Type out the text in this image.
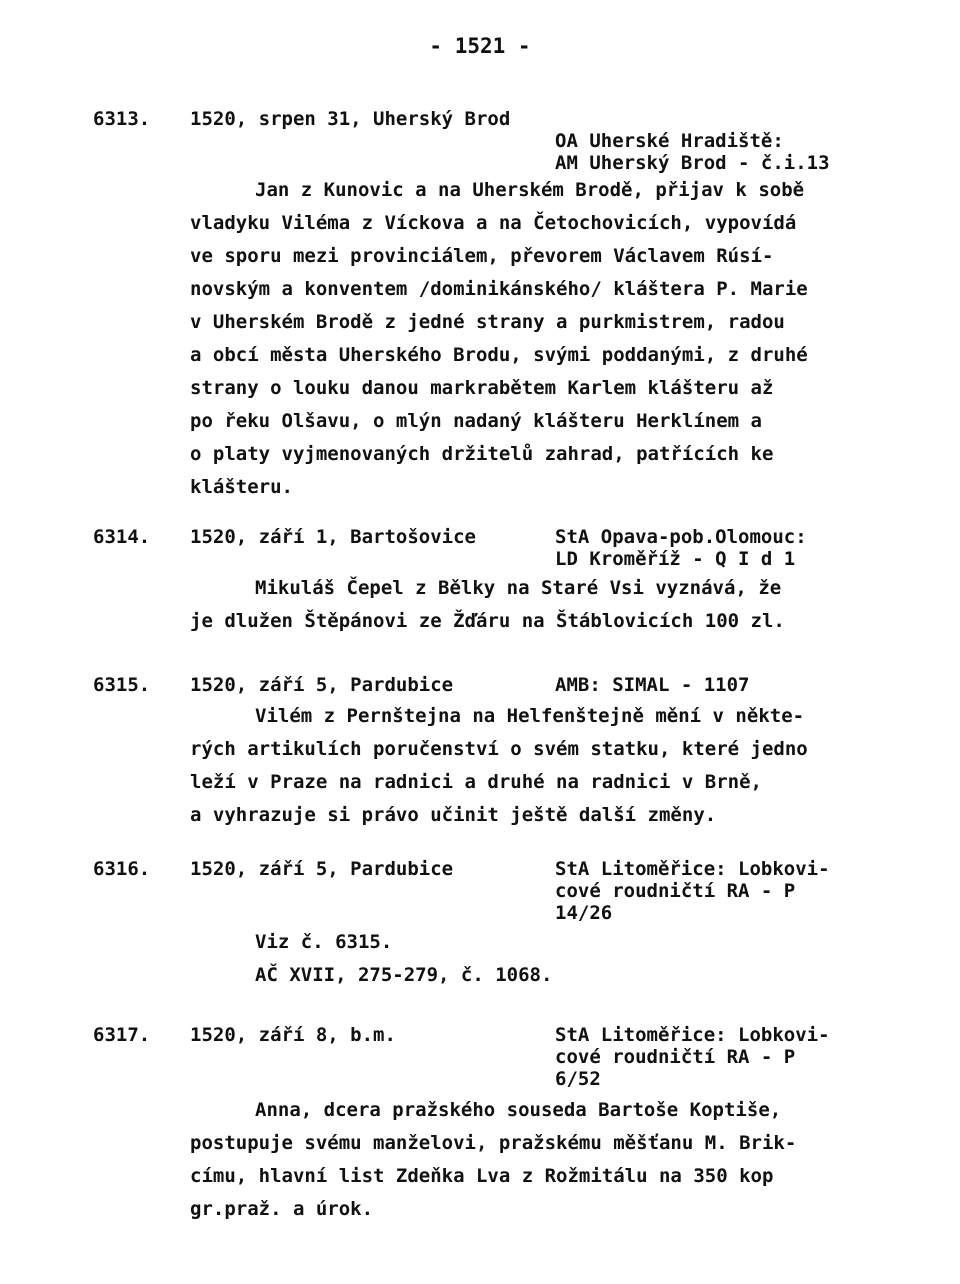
- 1521 -
6313. 1520, srpen 31, Uherský Brod
OA Uherské Hradiště:
AM Uherský Brod - č.i.13
Jan z Kunovic a na Uherském Brodě, přijav k sobě
vladyku Viléma z Víckova a na Četochovicích, vypovídá
ve sporu mezi provinciálem, převorem Václavem Rúsí-
novským a konventem /dominikánského/ kláštera P. Marie
v Uherském Brodě z jedné strany a purkmistrem, radou
a obcí města Uherského Brodu, svými poddanými, z druhé
strany o louku danou markrabětem Karlem klášteru až
po řeku Olšavu, o mlýn nadaný klášteru Herklínem a
o platy vyjmenovaných držitelů zahrad, patřících ke
klášteru.
6314. 1520, září 1, Bartošovice	StA Opava-pob.Olomouc:
LD Kroměříž - Q I d 1
Mikuláš Čepel z Bělky na Staré Vsi vyznává, že
je dlužen Štěpánovi ze Žďáru na Štáblovicích 100 zl.
6315. 1520, září 5, Pardubice	AMB: SIMAL - 1107
Vilém z Pernštejna na Helfenštejně mění v někte-
rých artikulích poručenství o svém statku, které jedno
leží v Praze na radnici a druhé na radnici v Brně,
a vyhrazuje si právo učinit ještě další změny.
6316. 1520, září 5, Pardubice	StA Litoměřice: Lobkovi-
cové roudničtí RA - P
14/26
Viz č. 6315.
AČ XVII, 275-279, č. 1068.
6317. 1520, září 8, b.m.	StA Litoměřice: Lobkovi-
cové roudničtí RA - P
6/52
Anna, dcera pražského souseda Bartoše Koptiše,
postupuje svému manželovi, pražskému měšťanu M. Brik-
címu, hlavní list Zdeňka Lva z Rožmitálu na 350 kop
gr.praž. a úrok.
